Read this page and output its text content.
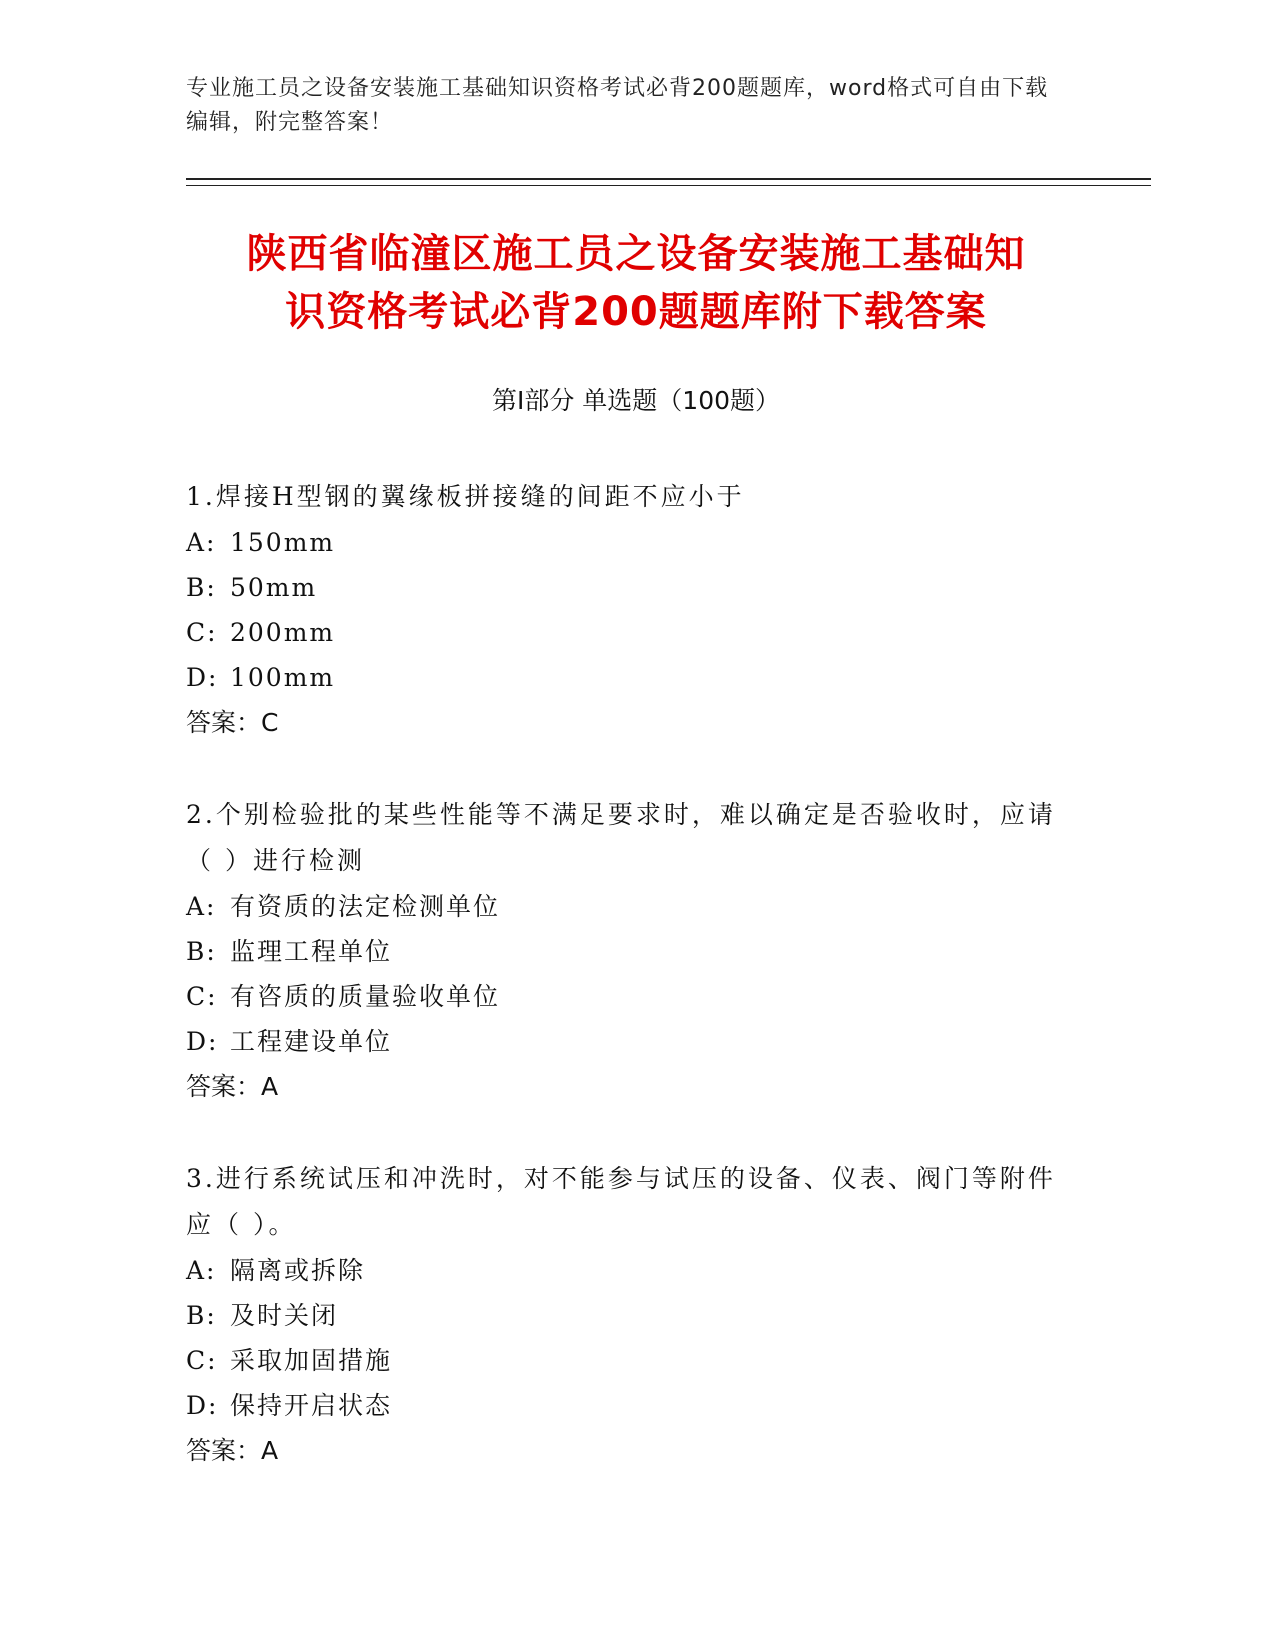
专业施工员之设备安装施工基础知识资格考试必背200题题库，word格式可自由下载编辑，附完整答案！
陕西省临潼区施工员之设备安装施工基础知
识资格考试必背200题题库附下载答案
第Ⅰ部分 单选题（100题）

1.焊接H型钢的翼缘板拼接缝的间距不应小于

A: 150mm

B: 50mm

C: 200mm

D: 100mm

答案：C

2.个别检验批的某些性能等不满足要求时，难以确定是否验收时，应请（ ）进行检测

A: 有资质的法定检测单位

B: 监理工程单位

C: 有咨质的质量验收单位

D: 工程建设单位

答案：A

3.进行系统试压和冲洗时，对不能参与试压的设备、仪表、阀门等附件应（ ）。

A: 隔离或拆除

B: 及时关闭

C: 采取加固措施

D: 保持开启状态

答案：A
